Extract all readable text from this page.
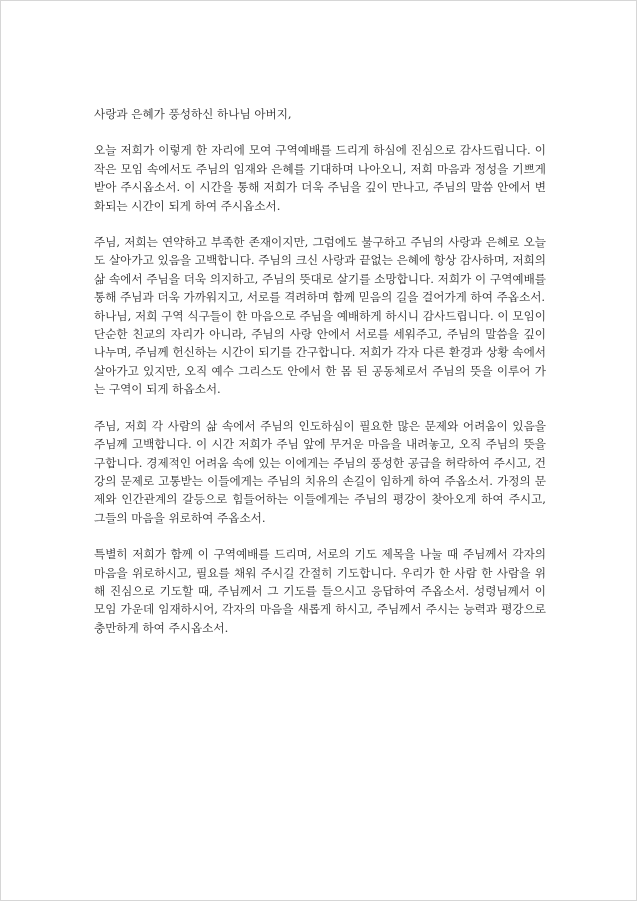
사랑과 은혜가 풍성하신 하나님 아버지,

오늘 저희가 이렇게 한 자리에 모여 구역예배를 드리게 하심에 진심으로 감사드립니다. 이 작은 모임 속에서도 주님의 임재와 은혜를 기대하며 나아오니, 저희 마음과 정성을 기쁘게 받아 주시옵소서. 이 시간을 통해 저희가 더욱 주님을 깊이 만나고, 주님의 말씀 안에서 변화되는 시간이 되게 하여 주시옵소서.

주님, 저희는 연약하고 부족한 존재이지만, 그럼에도 불구하고 주님의 사랑과 은혜로 오늘도 살아가고 있음을 고백합니다. 주님의 크신 사랑과 끝없는 은혜에 항상 감사하며, 저희의 삶 속에서 주님을 더욱 의지하고, 주님의 뜻대로 살기를 소망합니다. 저희가 이 구역예배를 통해 주님과 더욱 가까워지고, 서로를 격려하며 함께 믿음의 길을 걸어가게 하여 주옵소서.

하나님, 저희 구역 식구들이 한 마음으로 주님을 예배하게 하시니 감사드립니다. 이 모임이 단순한 친교의 자리가 아니라, 주님의 사랑 안에서 서로를 세워주고, 주님의 말씀을 깊이 나누며, 주님께 헌신하는 시간이 되기를 간구합니다. 저희가 각자 다른 환경과 상황 속에서 살아가고 있지만, 오직 예수 그리스도 안에서 한 몸 된 공동체로서 주님의 뜻을 이루어 가는 구역이 되게 하옵소서.

주님, 저희 각 사람의 삶 속에서 주님의 인도하심이 필요한 많은 문제와 어려움이 있음을 주님께 고백합니다. 이 시간 저희가 주님 앞에 무거운 마음을 내려놓고, 오직 주님의 뜻을 구합니다. 경제적인 어려움 속에 있는 이에게는 주님의 풍성한 공급을 허락하여 주시고, 건강의 문제로 고통받는 이들에게는 주님의 치유의 손길이 임하게 하여 주옵소서. 가정의 문제와 인간관계의 갈등으로 힘들어하는 이들에게는 주님의 평강이 찾아오게 하여 주시고, 그들의 마음을 위로하여 주옵소서.

특별히 저희가 함께 이 구역예배를 드리며, 서로의 기도 제목을 나눌 때 주님께서 각자의 마음을 위로하시고, 필요를 채워 주시길 간절히 기도합니다. 우리가 한 사람 한 사람을 위해 진심으로 기도할 때, 주님께서 그 기도를 들으시고 응답하여 주옵소서. 성령님께서 이 모임 가운데 임재하시어, 각자의 마음을 새롭게 하시고, 주님께서 주시는 능력과 평강으로 충만하게 하여 주시옵소서.
